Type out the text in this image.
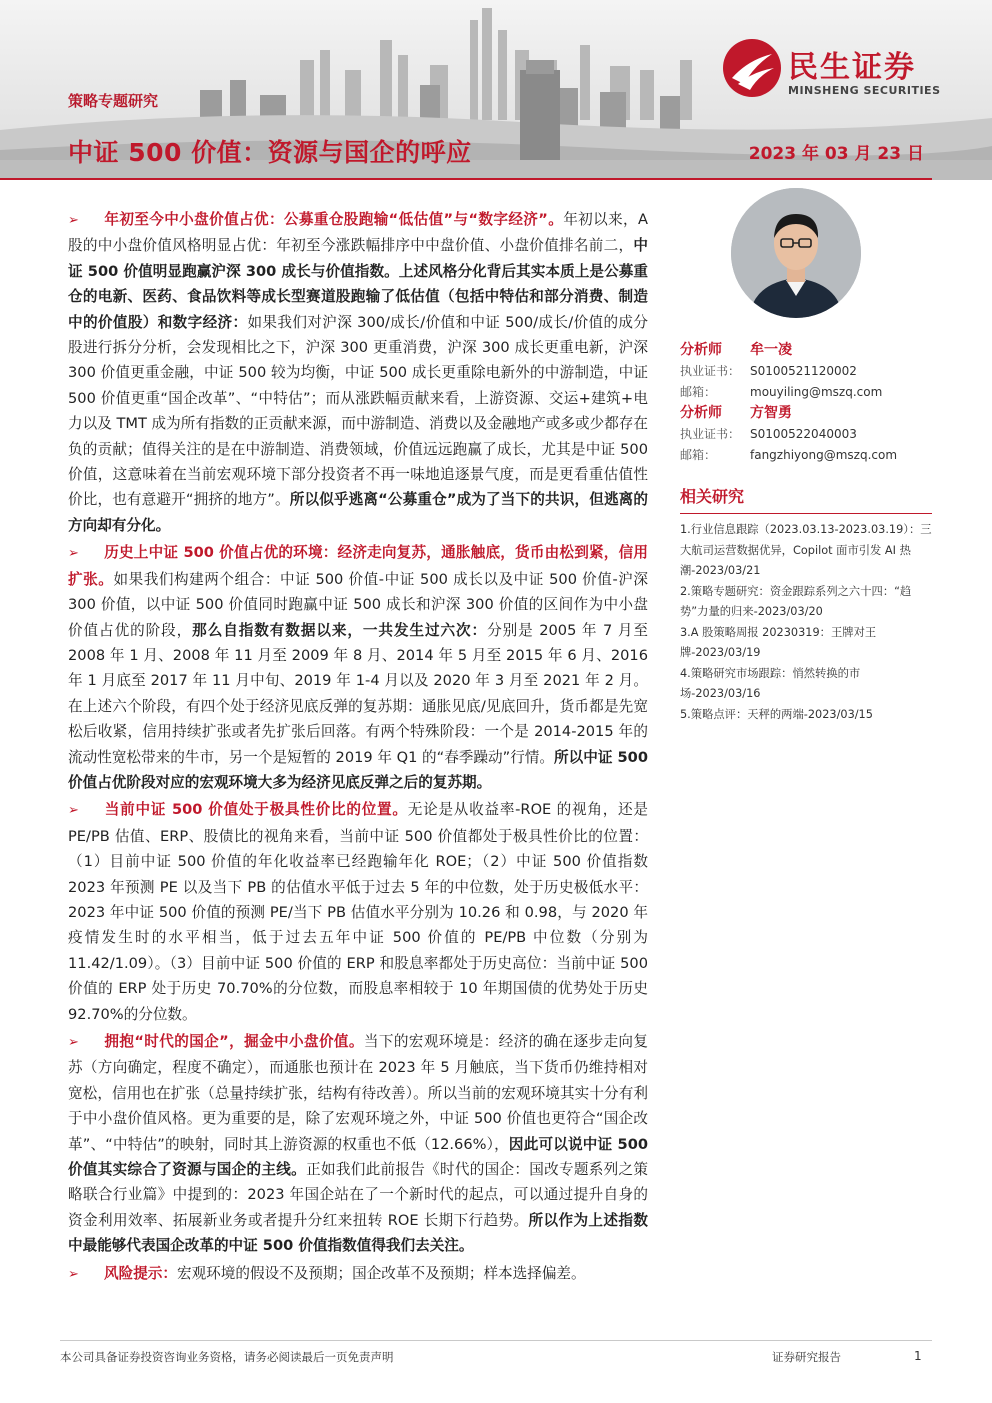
策略专题研究
中证 500 价值：资源与国企的呼应	2023 年 03 月 23 日
民生证券
MINSHENG SECURITIES

➢ 年初至今中小盘价值占优：公募重仓股跑输“低估值”与“数字经济”。年初以来，A 股的中小盘价值风格明显占优：年初至今涨跌幅排序中中盘价值、小盘价值排名前二，中证 500 价值明显跑赢沪深 300 成长与价值指数。上述风格分化背后其实本质上是公募重仓的电新、医药、食品饮料等成长型赛道股跑输了低估值（包括中特估和部分消费、制造中的价值股）和数字经济：如果我们对沪深 300/成长/价值和中证 500/成长/价值的成分股进行拆分分析，会发现相比之下，沪深 300 更重消费，沪深 300 成长更重电新，沪深 300 价值更重金融，中证 500 较为均衡，中证 500 成长更重除电新外的中游制造，中证 500 价值更重“国企改革”、“中特估”；而从涨跌幅贡献来看，上游资源、交运+建筑+电力以及 TMT 成为所有指数的正贡献来源，而中游制造、消费以及金融地产或多或少都存在负的贡献；值得关注的是在中游制造、消费领域，价值远远跑赢了成长，尤其是中证 500 价值，这意味着在当前宏观环境下部分投资者不再一味地追逐景气度，而是更看重估值性价比，也有意避开“拥挤的地方”。所以似乎逃离“公募重仓”成为了当下的共识，但逃离的方向却有分化。

➢ 历史上中证 500 价值占优的环境：经济走向复苏，通胀触底，货币由松到紧，信用扩张。如果我们构建两个组合：中证 500 价值-中证 500 成长以及中证 500 价值-沪深 300 价值，以中证 500 价值同时跑赢中证 500 成长和沪深 300 价值的区间作为中小盘价值占优的阶段，那么自指数有数据以来，一共发生过六次：分别是 2005 年 7 月至 2008 年 1 月、2008 年 11 月至 2009 年 8 月、2014 年 5 月至 2015 年 6 月、2016 年 1 月底至 2017 年 11 月中旬、2019 年 1-4 月以及 2020 年 3 月至 2021 年 2 月。在上述六个阶段，有四个处于经济见底反弹的复苏期：通胀见底/见底回升，货币都是先宽松后收紧，信用持续扩张或者先扩张后回落。有两个特殊阶段：一个是 2014-2015 年的流动性宽松带来的牛市，另一个是短暂的 2019 年 Q1 的“春季躁动”行情。所以中证 500 价值占优阶段对应的宏观环境大多为经济见底反弹之后的复苏期。

➢ 当前中证 500 价值处于极具性价比的位置。无论是从收益率-ROE 的视角，还是 PE/PB 估值、ERP、股债比的视角来看，当前中证 500 价值都处于极具性价比的位置：（1）目前中证 500 价值的年化收益率已经跑输年化 ROE；（2）中证 500 价值指数 2023 年预测 PE 以及当下 PB 的估值水平低于过去 5 年的中位数，处于历史极低水平：2023 年中证 500 价值的预测 PE/当下 PB 估值水平分别为 10.26 和 0.98，与 2020 年疫情发生时的水平相当，低于过去五年中证 500 价值的 PE/PB 中位数（分别为 11.42/1.09）。（3）目前中证 500 价值的 ERP 和股息率都处于历史高位：当前中证 500 价值的 ERP 处于历史 70.70%的分位数，而股息率相较于 10 年期国债的优势处于历史 92.70%的分位数。

➢ 拥抱“时代的国企”，掘金中小盘价值。当下的宏观环境是：经济的确在逐步走向复苏（方向确定，程度不确定），而通胀也预计在 2023 年 5 月触底，当下货币仍维持相对宽松，信用也在扩张（总量持续扩张，结构有待改善）。所以当前的宏观环境其实十分有利于中小盘价值风格。更为重要的是，除了宏观环境之外，中证 500 价值也更符合“国企改革”、“中特估”的映射，同时其上游资源的权重也不低（12.66%），因此可以说中证 500 价值其实综合了资源与国企的主线。正如我们此前报告《时代的国企：国改专题系列之策略联合行业篇》中提到的：2023 年国企站在了一个新时代的起点，可以通过提升自身的资金利用效率、拓展新业务或者提升分红来扭转 ROE 长期下行趋势。所以作为上述指数中最能够代表国企改革的中证 500 价值指数值得我们去关注。

➢ 风险提示：宏观环境的假设不及预期；国企改革不及预期；样本选择偏差。

分析师	牟一凌
执业证书： S0100521120002
邮箱：	mouyiling@mszq.com
分析师	方智勇
执业证书： S0100522040003
邮箱：	fangzhiyong@mszq.com
相关研究
1.行业信息跟踪（2023.03.13-2023.03.19）：三大航司运营数据优异，Copilot 面市引发 AI 热潮-2023/03/21
2.策略专题研究：资金跟踪系列之六十四：“趋势”力量的归来-2023/03/20
3.A 股策略周报 20230319：王牌对王牌-2023/03/19
4.策略研究市场跟踪：悄然转换的市场-2023/03/16
5.策略点评：天秤的两端-2023/03/15
本公司具备证券投资咨询业务资格，请务必阅读最后一页免责声明	证券研究报告	1
